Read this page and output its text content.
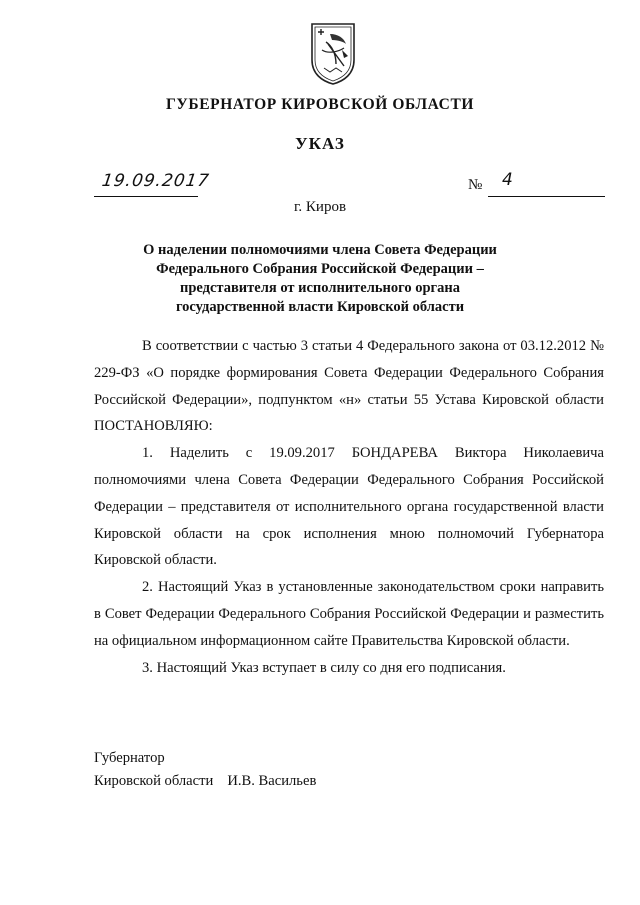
ГУБЕРНАТОР КИРОВСКОЙ ОБЛАСТИ
УКАЗ
19.09.2017	№ 4
г. Киров
О наделении полномочиями члена Совета Федерации
Федерального Собрания Российской Федерации –
представителя от исполнительного органа
государственной власти Кировской области

В соответствии с частью 3 статьи 4 Федерального закона от 03.12.2012 № 229-ФЗ «О порядке формирования Совета Федерации Федерального Собрания Российской Федерации», подпунктом «н» статьи 55 Устава Кировской области ПОСТАНОВЛЯЮ:

1. Наделить с 19.09.2017 БОНДАРЕВА Виктора Николаевича полномочиями члена Совета Федерации Федерального Собрания Российской Федерации – представителя от исполнительного органа государственной власти Кировской области на срок исполнения мною полномочий Губернатора Кировской области.

2. Настоящий Указ в установленные законодательством сроки направить в Совет Федерации Федерального Собрания Российской Федерации и разместить на официальном информационном сайте Правительства Кировской области.

3. Настоящий Указ вступает в силу со дня его подписания.

Губернатор
Кировской области И.В. Васильев
